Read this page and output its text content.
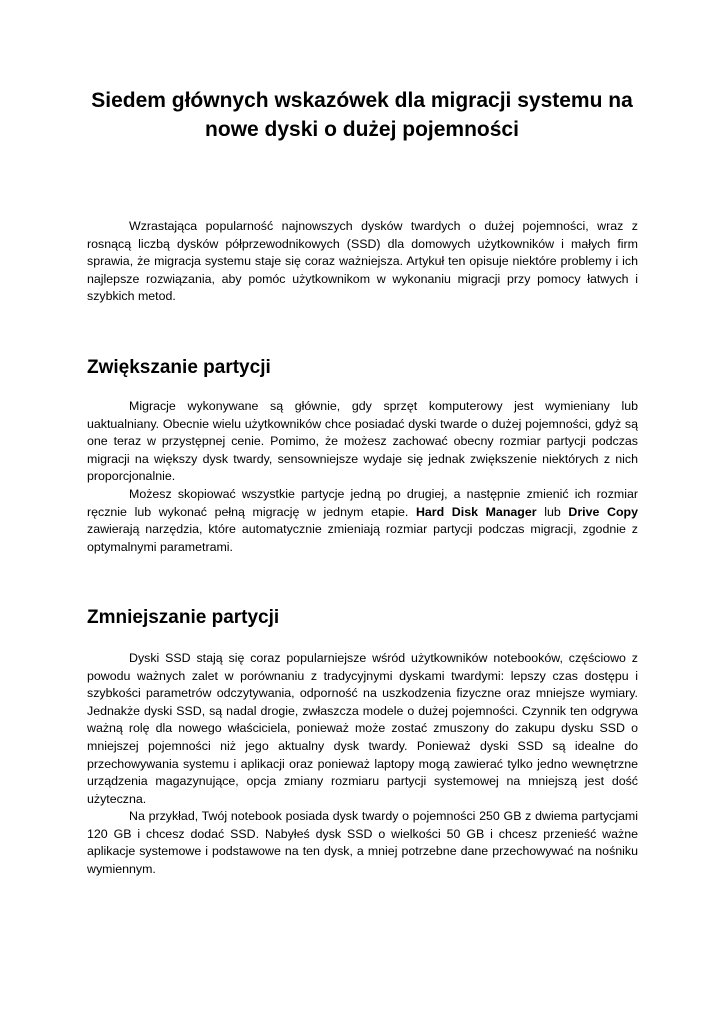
Siedem głównych wskazówek dla migracji systemu na
nowe dyski o dużej pojemności

Wzrastająca popularność najnowszych dysków twardych o dużej pojemności, wraz z rosnącą liczbą dysków półprzewodnikowych (SSD) dla domowych użytkowników i małych firm sprawia, że migracja systemu staje się coraz ważniejsza. Artykuł ten opisuje niektóre problemy i ich najlepsze rozwiązania, aby pomóc użytkownikom w wykonaniu migracji przy pomocy łatwych i szybkich metod.

Zwiększanie partycji

Migracje wykonywane są głównie, gdy sprzęt komputerowy jest wymieniany lub uaktualniany. Obecnie wielu użytkowników chce posiadać dyski twarde o dużej pojemności, gdyż są one teraz w przystępnej cenie. Pomimo, że możesz zachować obecny rozmiar partycji podczas migracji na większy dysk twardy, sensowniejsze wydaje się jednak zwiększenie niektórych z nich proporcjonalnie.

Możesz skopiować wszystkie partycje jedną po drugiej, a następnie zmienić ich rozmiar ręcznie lub wykonać pełną migrację w jednym etapie. Hard Disk Manager lub Drive Copy zawierają narzędzia, które automatycznie zmieniają rozmiar partycji podczas migracji, zgodnie z optymalnymi parametrami.

Zmniejszanie partycji

Dyski SSD stają się coraz popularniejsze wśród użytkowników notebooków, częściowo z powodu ważnych zalet w porównaniu z tradycyjnymi dyskami twardymi: lepszy czas dostępu i szybkości parametrów odczytywania, odporność na uszkodzenia fizyczne oraz mniejsze wymiary. Jednakże dyski SSD, są nadal drogie, zwłaszcza modele o dużej pojemności. Czynnik ten odgrywa ważną rolę dla nowego właściciela, ponieważ może zostać zmuszony do zakupu dysku SSD o mniejszej pojemności niż jego aktualny dysk twardy. Ponieważ dyski SSD są idealne do przechowywania systemu i aplikacji oraz ponieważ laptopy mogą zawierać tylko jedno wewnętrzne urządzenia magazynujące, opcja zmiany rozmiaru partycji systemowej na mniejszą jest dość użyteczna.

Na przykład, Twój notebook posiada dysk twardy o pojemności 250 GB z dwiema partycjami 120 GB i chcesz dodać SSD. Nabyłeś dysk SSD o wielkości 50 GB i chcesz przenieść ważne aplikacje systemowe i podstawowe na ten dysk, a mniej potrzebne dane przechowywać na nośniku wymiennym.
